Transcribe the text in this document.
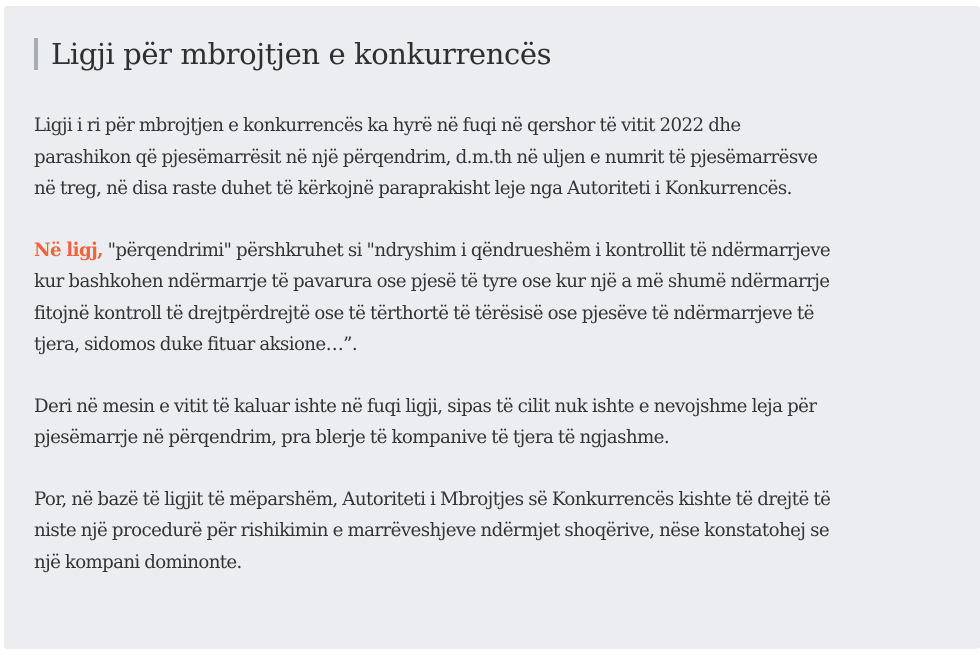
Ligji për mbrojtjen e konkurrencës

Ligji i ri për mbrojtjen e konkurrencës ka hyrë në fuqi në qershor të vitit 2022 dhe
parashikon që pjesëmarrësit në një përqendrim, d.m.th në uljen e numrit të pjesëmarrësve
në treg, në disa raste duhet të kërkojnë paraprakisht leje nga Autoriteti i Konkurrencës.

Në ligj, "përqendrimi" përshkruhet si "ndryshim i qëndrueshëm i kontrollit të ndërmarrjeve
kur bashkohen ndërmarrje të pavarura ose pjesë të tyre ose kur një a më shumë ndërmarrje
fitojnë kontroll të drejtpërdrejtë ose të tërthortë të tërësisë ose pjesëve të ndërmarrjeve të
tjera, sidomos duke fituar aksione…”.

Deri në mesin e vitit të kaluar ishte në fuqi ligji, sipas të cilit nuk ishte e nevojshme leja për
pjesëmarrje në përqendrim, pra blerje të kompanive të tjera të ngjashme.

Por, në bazë të ligjit të mëparshëm, Autoriteti i Mbrojtjes së Konkurrencës kishte të drejtë të
niste një procedurë për rishikimin e marrëveshjeve ndërmjet shoqërive, nëse konstatohej se
një kompani dominonte.
